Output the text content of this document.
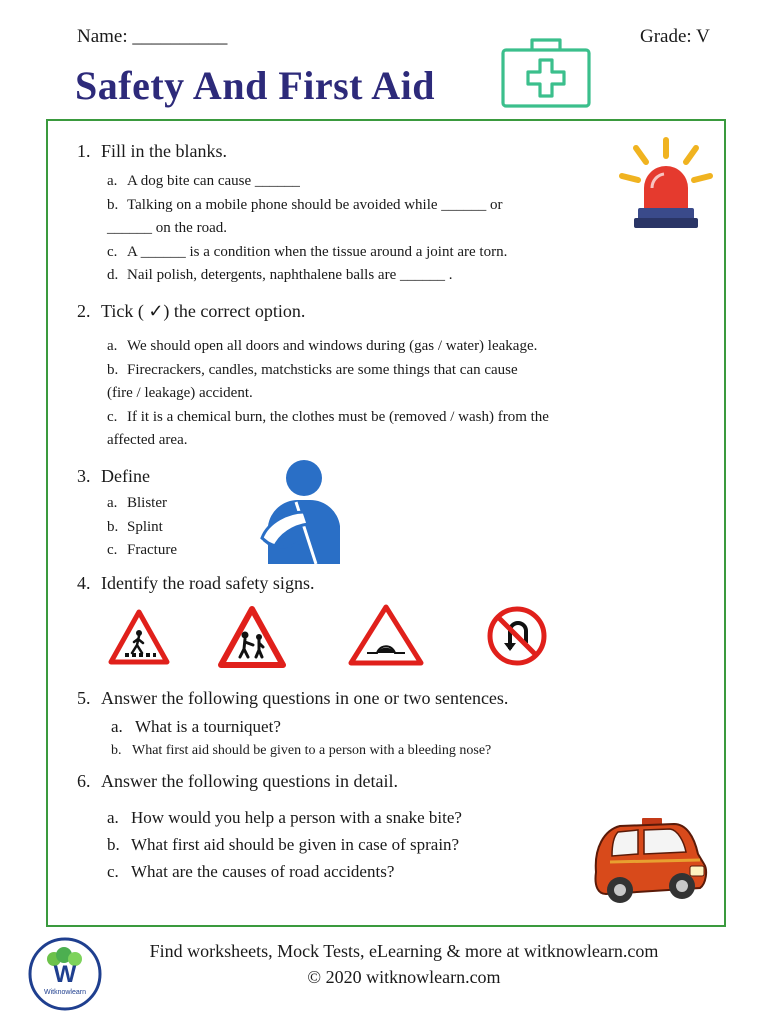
Name: __________	Grade: V
Safety And First Aid
1. Fill in the blanks.
a. A dog bite can cause ______
b. Talking on a mobile phone should be avoided while ______ or
______ on the road.
c. A ______ is a condition when the tissue around a joint are torn.
d. Nail polish, detergents, naphthalene balls are ______ .
2. Tick ( ✓) the correct option.
a. We should open all doors and windows during (gas / water) leakage.
b. Firecrackers, candles, matchsticks are some things that can cause
(fire / leakage) accident.
c. If it is a chemical burn, the clothes must be (removed / wash) from the
affected area.
3. Define
a. Blister
b. Splint
c. Fracture
4. Identify the road safety signs.
5. Answer the following questions in one or two sentences.
a. What is a tourniquet?
b. What first aid should be given to a person with a bleeding nose?
6. Answer the following questions in detail.
a. How would you help a person with a snake bite?
b. What first aid should be given in case of sprain?
c. What are the causes of road accidents?
W
Witknowlearn
Find worksheets, Mock Tests, eLearning & more at witknowlearn.com
© 2020 witknowlearn.com
